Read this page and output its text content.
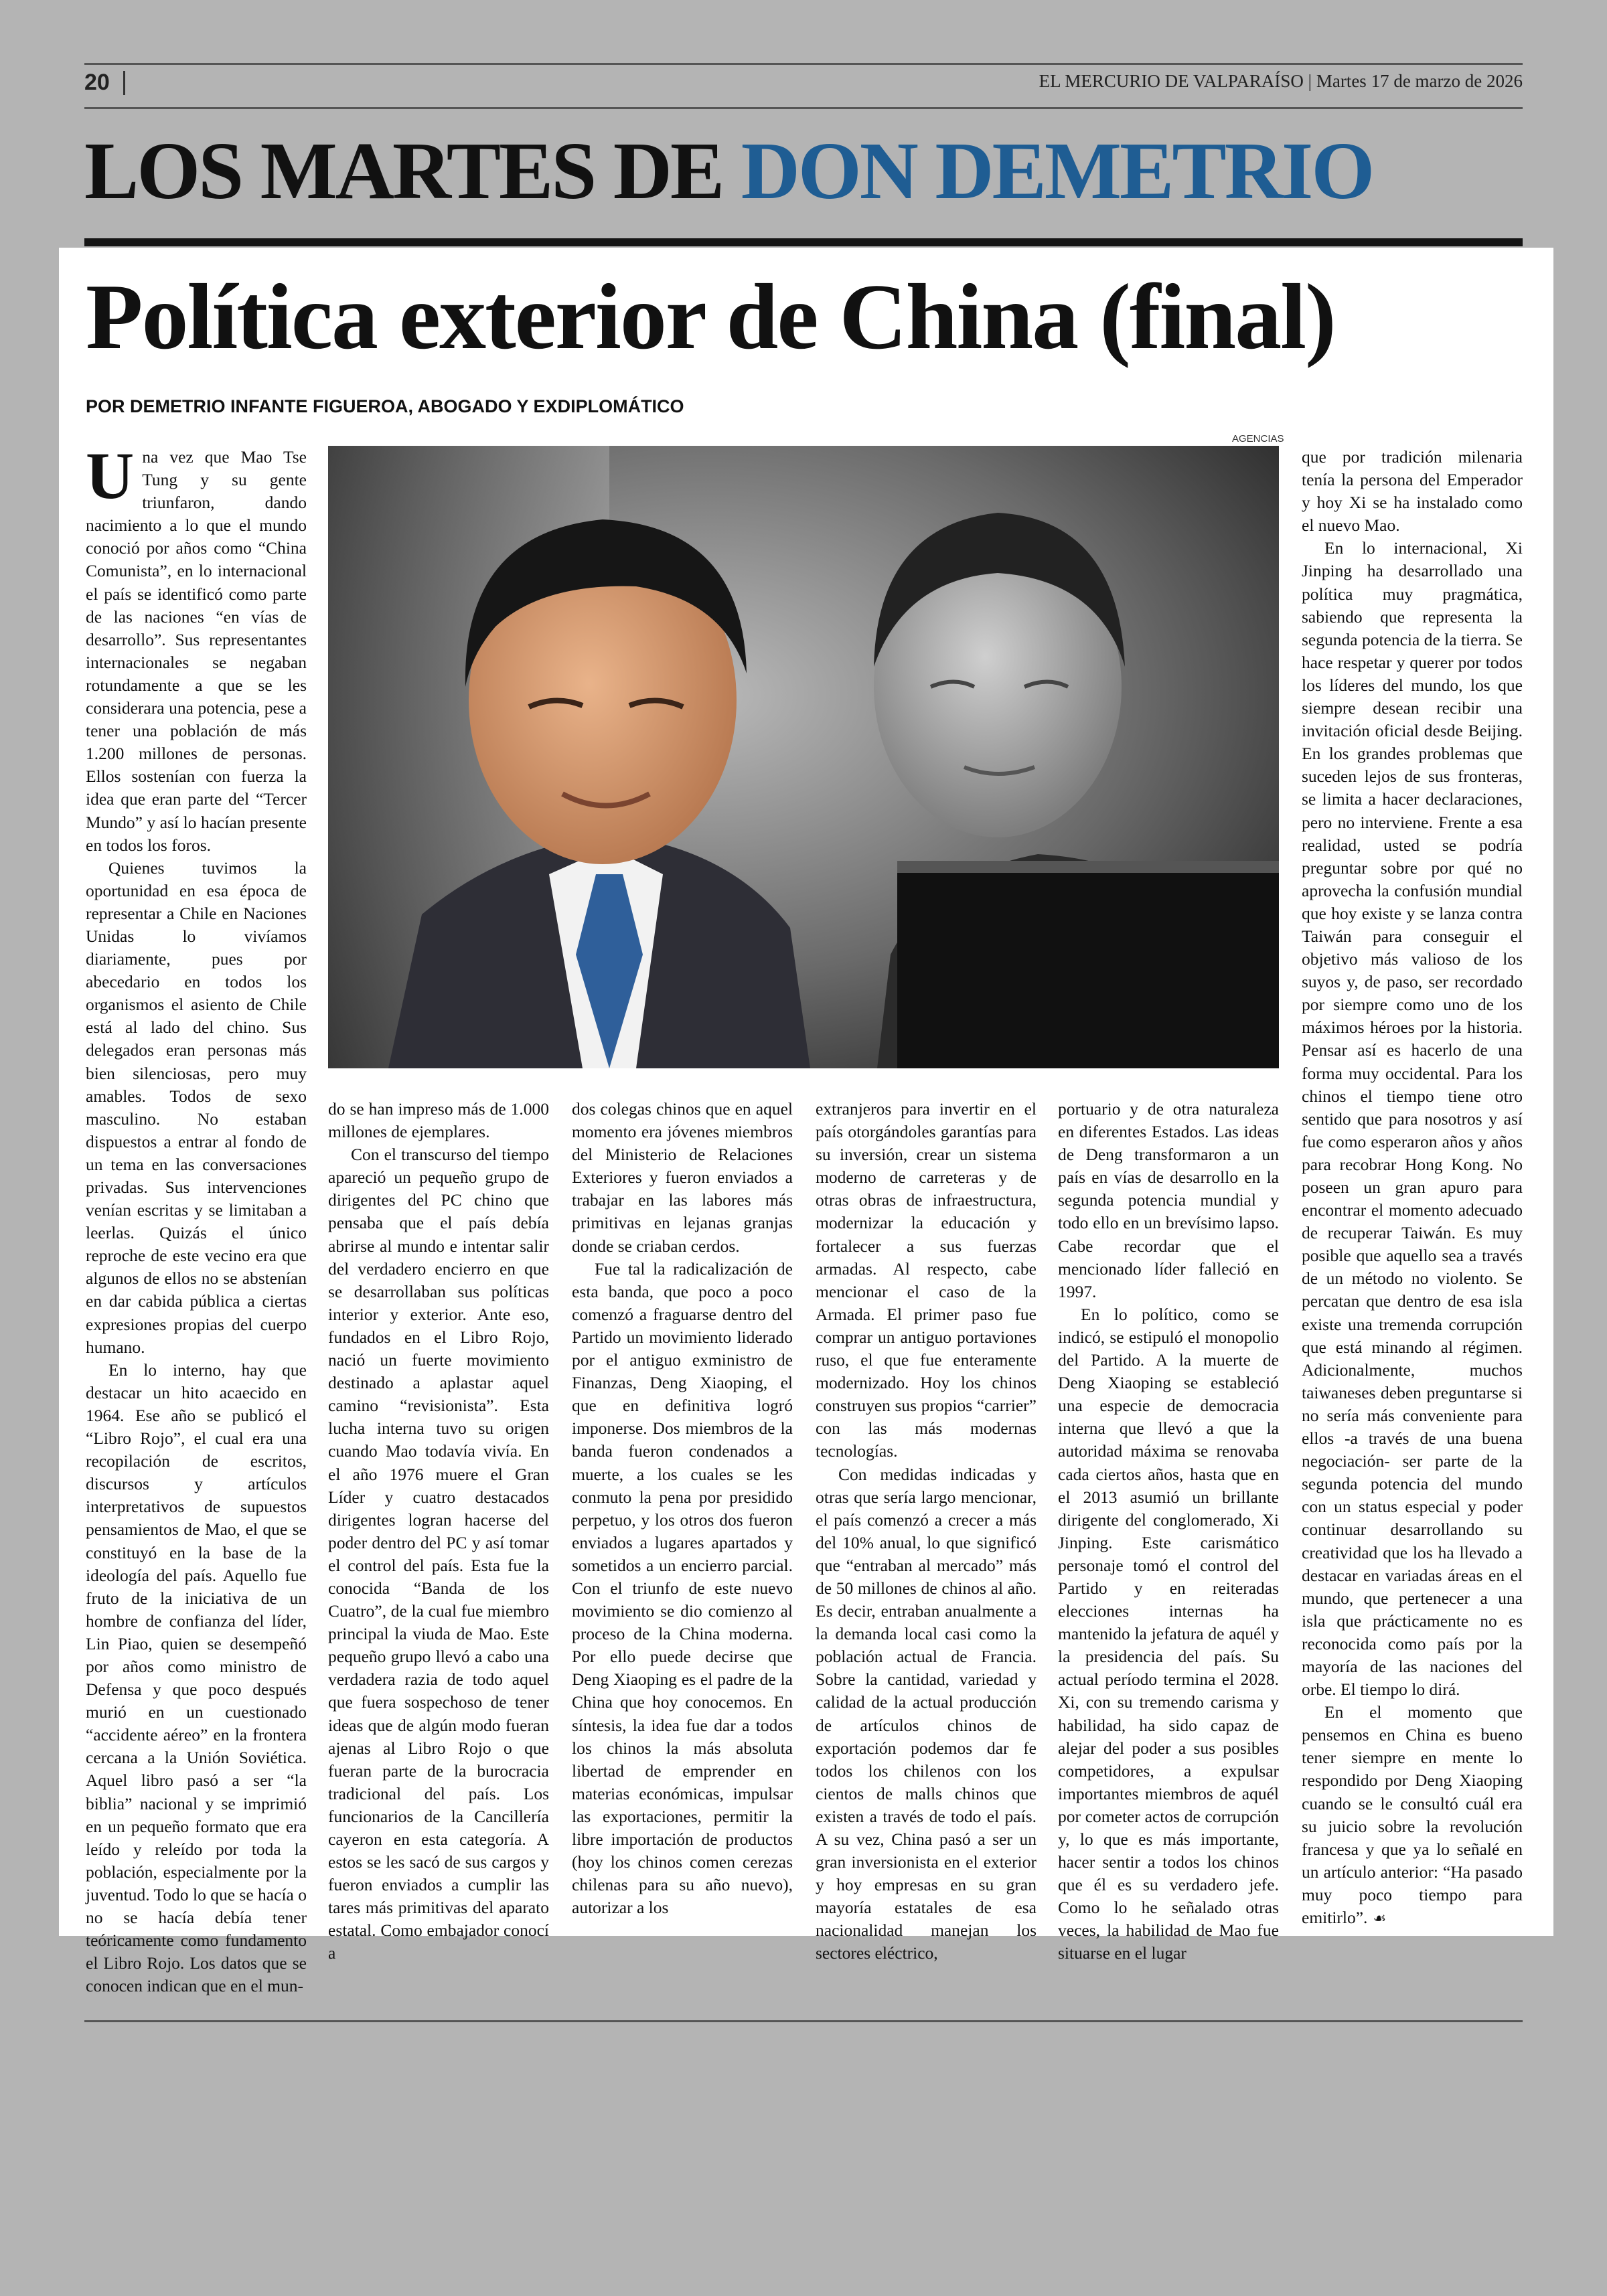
20	EL MERCURIO DE VALPARAÍSO | Martes 17 de marzo de 2026
LOS MARTES DE DON DEMETRIO
Política exterior de China (final)
POR DEMETRIO INFANTE FIGUEROA, ABOGADO Y EXDIPLOMÁTICO
AGENCIAS

Una vez que Mao Tse Tung y su gente triunfaron, dando nacimiento a lo que el mundo conoció por años como “China Comunista”, en lo internacional el país se identificó como parte de las naciones “en vías de desarrollo”. Sus representantes internacionales se negaban rotundamente a que se les considerara una potencia, pese a tener una población de más 1.200 millones de personas. Ellos sostenían con fuerza la idea que eran parte del “Tercer Mundo” y así lo hacían presente en todos los foros.

Quienes tuvimos la oportunidad en esa época de representar a Chile en Naciones Unidas lo vivíamos diariamente, pues por abecedario en todos los organismos el asiento de Chile está al lado del chino. Sus delegados eran personas más bien silenciosas, pero muy amables. Todos de sexo masculino. No estaban dispuestos a entrar al fondo de un tema en las conversaciones privadas. Sus intervenciones venían escritas y se limitaban a leerlas. Quizás el único reproche de este vecino era que algunos de ellos no se abstenían en dar cabida pública a ciertas expresiones propias del cuerpo humano.

En lo interno, hay que destacar un hito acaecido en 1964. Ese año se publicó el “Libro Rojo”, el cual era una recopilación de escritos, discursos y artículos interpretativos de supuestos pensamientos de Mao, el que se constituyó en la base de la ideología del país. Aquello fue fruto de la iniciativa de un hombre de confianza del líder, Lin Piao, quien se desempeñó por años como ministro de Defensa y que poco después murió en un cuestionado “accidente aéreo” en la frontera cercana a la Unión Soviética. Aquel libro pasó a ser “la biblia” nacional y se imprimió en un pequeño formato que era leído y releído por toda la población, especialmente por la juventud. Todo lo que se hacía o no se hacía debía tener teóricamente como fundamento el Libro Rojo. Los datos que se conocen indican que en el mun-

do se han impreso más de 1.000 millones de ejemplares.

Con el transcurso del tiempo apareció un pequeño grupo de dirigentes del PC chino que pensaba que el país debía abrirse al mundo e intentar salir del verdadero encierro en que se desarrollaban sus políticas interior y exterior. Ante eso, fundados en el Libro Rojo, nació un fuerte movimiento destinado a aplastar aquel camino “revisionista”. Esta lucha interna tuvo su origen cuando Mao todavía vivía. En el año 1976 muere el Gran Líder y cuatro destacados dirigentes logran hacerse del poder dentro del PC y así tomar el control del país. Esta fue la conocida “Banda de los Cuatro”, de la cual fue miembro principal la viuda de Mao. Este pequeño grupo llevó a cabo una verdadera razia de todo aquel que fuera sospechoso de tener ideas que de algún modo fueran ajenas al Libro Rojo o que fueran parte de la burocracia tradicional del país. Los funcionarios de la Cancillería cayeron en esta categoría. A estos se les sacó de sus cargos y fueron enviados a cumplir las tares más primitivas del aparato estatal. Como embajador conocí a

dos colegas chinos que en aquel momento era jóvenes miembros del Ministerio de Relaciones Exteriores y fueron enviados a trabajar en las labores más primitivas en lejanas granjas donde se criaban cerdos.

Fue tal la radicalización de esta banda, que poco a poco comenzó a fraguarse dentro del Partido un movimiento liderado por el antiguo exministro de Finanzas, Deng Xiaoping, el que en definitiva logró imponerse. Dos miembros de la banda fueron condenados a muerte, a los cuales se les conmuto la pena por presidido perpetuo, y los otros dos fueron enviados a lugares apartados y sometidos a un encierro parcial. Con el triunfo de este nuevo movimiento se dio comienzo al proceso de la China moderna. Por ello puede decirse que Deng Xiaoping es el padre de la China que hoy conocemos. En síntesis, la idea fue dar a todos los chinos la más absoluta libertad de emprender en materias económicas, impulsar las exportaciones, permitir la libre importación de productos (hoy los chinos comen cerezas chilenas para su año nuevo), autorizar a los

extranjeros para invertir en el país otorgándoles garantías para su inversión, crear un sistema moderno de carreteras y de otras obras de infraestructura, modernizar la educación y fortalecer a sus fuerzas armadas. Al respecto, cabe mencionar el caso de la Armada. El primer paso fue comprar un antiguo portaviones ruso, el que fue enteramente modernizado. Hoy los chinos construyen sus propios “carrier” con las más modernas tecnologías.

Con medidas indicadas y otras que sería largo mencionar, el país comenzó a crecer a más del 10% anual, lo que significó que “entraban al mercado” más de 50 millones de chinos al año. Es decir, entraban anualmente a la demanda local casi como la población actual de Francia. Sobre la cantidad, variedad y calidad de la actual producción de artículos chinos de exportación podemos dar fe todos los chilenos con los cientos de malls chinos que existen a través de todo el país. A su vez, China pasó a ser un gran inversionista en el exterior y hoy empresas en su gran mayoría estatales de esa nacionalidad manejan los sectores eléctrico,

portuario y de otra naturaleza en diferentes Estados. Las ideas de Deng transformaron a un país en vías de desarrollo en la segunda potencia mundial y todo ello en un brevísimo lapso. Cabe recordar que el mencionado líder falleció en 1997.

En lo político, como se indicó, se estipuló el monopolio del Partido. A la muerte de Deng Xiaoping se estableció una especie de democracia interna que llevó a que la autoridad máxima se renovaba cada ciertos años, hasta que en el 2013 asumió un brillante dirigente del conglomerado, Xi Jinping. Este carismático personaje tomó el control del Partido y en reiteradas elecciones internas ha mantenido la jefatura de aquél y la presidencia del país. Su actual período termina el 2028. Xi, con su tremendo carisma y habilidad, ha sido capaz de alejar del poder a sus posibles competidores, a expulsar importantes miembros de aquél por cometer actos de corrupción y, lo que es más importante, hacer sentir a todos los chinos que él es su verdadero jefe. Como lo he señalado otras veces, la habilidad de Mao fue situarse en el lugar

que por tradición milenaria tenía la persona del Emperador y hoy Xi se ha instalado como el nuevo Mao.

En lo internacional, Xi Jinping ha desarrollado una política muy pragmática, sabiendo que representa la segunda potencia de la tierra. Se hace respetar y querer por todos los líderes del mundo, los que siempre desean recibir una invitación oficial desde Beijing. En los grandes problemas que suceden lejos de sus fronteras, se limita a hacer declaraciones, pero no interviene. Frente a esa realidad, usted se podría preguntar sobre por qué no aprovecha la confusión mundial que hoy existe y se lanza contra Taiwán para conseguir el objetivo más valioso de los suyos y, de paso, ser recordado por siempre como uno de los máximos héroes por la historia. Pensar así es hacerlo de una forma muy occidental. Para los chinos el tiempo tiene otro sentido que para nosotros y así fue como esperaron años y años para recobrar Hong Kong. No poseen un gran apuro para encontrar el momento adecuado de recuperar Taiwán. Es muy posible que aquello sea a través de un método no violento. Se percatan que dentro de esa isla existe una tremenda corrupción que está minando al régimen. Adicionalmente, muchos taiwaneses deben preguntarse si no sería más conveniente para ellos -a través de una buena negociación- ser parte de la segunda potencia del mundo con un status especial y poder continuar desarrollando su creatividad que los ha llevado a destacar en variadas áreas en el mundo, que pertenecer a una isla que prácticamente no es reconocida como país por la mayoría de las naciones del orbe. El tiempo lo dirá.

En el momento que pensemos en China es bueno tener siempre en mente lo respondido por Deng Xiaoping cuando se le consultó cuál era su juicio sobre la revolución francesa y que ya lo señalé en un artículo anterior: “Ha pasado muy poco tiempo para emitirlo”. ☙
